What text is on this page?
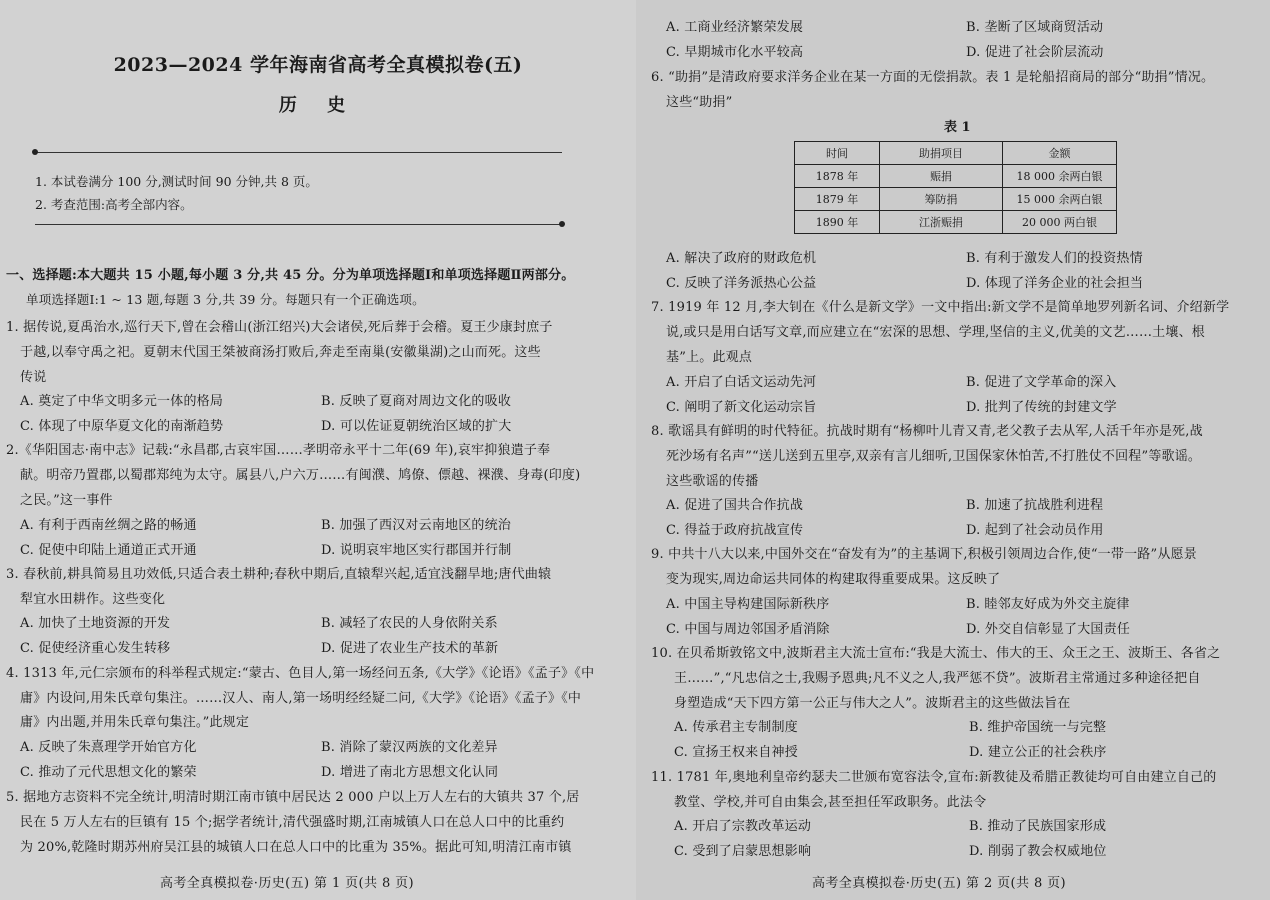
2023—2024 学年海南省高考全真模拟卷(五)
历 史
1. 本试卷满分 100 分,测试时间 90 分钟,共 8 页。
2. 考查范围:高考全部内容。
一、选择题:本大题共 15 小题,每小题 3 分,共 45 分。分为单项选择题Ⅰ和单项选择题Ⅱ两部分。
单项选择题Ⅰ:1 ~ 13 题,每题 3 分,共 39 分。每题只有一个正确选项。
1. 据传说,夏禹治水,巡行天下,曾在会稽山(浙江绍兴)大会诸侯,死后葬于会稽。夏王少康封庶子
于越,以奉守禹之祀。夏朝末代国王桀被商汤打败后,奔走至南巢(安徽巢湖)之山而死。这些
传说
A. 奠定了中华文明多元一体的格局	B. 反映了夏商对周边文化的吸收
C. 体现了中原华夏文化的南渐趋势	D. 可以佐证夏朝统治区域的扩大
2.《华阳国志·南中志》记载:“永昌郡,古哀牢国……孝明帝永平十二年(69 年),哀牢抑狼遣子奉
献。明帝乃置郡,以蜀郡郑纯为太守。属县八,户六万……有闽濮、鸠僚、僄越、裸濮、身毒(印度)
之民。”这一事件
A. 有利于西南丝绸之路的畅通	B. 加强了西汉对云南地区的统治
C. 促使中印陆上通道正式开通	D. 说明哀牢地区实行郡国并行制
3. 春秋前,耕具简易且功效低,只适合表土耕种;春秋中期后,直辕犁兴起,适宜浅翻旱地;唐代曲辕
犁宜水田耕作。这些变化
A. 加快了土地资源的开发	B. 减轻了农民的人身依附关系
C. 促使经济重心发生转移	D. 促进了农业生产技术的革新
4. 1313 年,元仁宗颁布的科举程式规定:“蒙古、色目人,第一场经问五条,《大学》《论语》《孟子》《中
庸》内设问,用朱氏章句集注。……汉人、南人,第一场明经经疑二问,《大学》《论语》《孟子》《中
庸》内出题,并用朱氏章句集注。”此规定
A. 反映了朱熹理学开始官方化	B. 消除了蒙汉两族的文化差异
C. 推动了元代思想文化的繁荣	D. 增进了南北方思想文化认同
5. 据地方志资料不完全统计,明清时期江南市镇中居民达 2 000 户以上万人左右的大镇共 37 个,居
民在 5 万人左右的巨镇有 15 个;据学者统计,清代强盛时期,江南城镇人口在总人口中的比重约
为 20%,乾隆时期苏州府吴江县的城镇人口在总人口中的比重为 35%。据此可知,明清江南市镇
高考全真模拟卷·历史(五) 第 1 页(共 8 页)
A. 工商业经济繁荣发展	B. 垄断了区域商贸活动
C. 早期城市化水平较高	D. 促进了社会阶层流动
6. “助捐”是清政府要求洋务企业在某一方面的无偿捐款。表 1 是轮船招商局的部分“助捐”情况。
这些“助捐”
表 1
时间	助捐项目	金额
1878 年	赈捐	18 000 余两白银
1879 年	筹防捐	15 000 余两白银
1890 年	江浙赈捐	20 000 两白银
A. 解决了政府的财政危机	B. 有利于激发人们的投资热情
C. 反映了洋务派热心公益	D. 体现了洋务企业的社会担当
7. 1919 年 12 月,李大钊在《什么是新文学》一文中指出:新文学不是简单地罗列新名词、介绍新学
说,或只是用白话写文章,而应建立在“宏深的思想、学理,坚信的主义,优美的文艺……土壤、根
基”上。此观点
A. 开启了白话文运动先河	B. 促进了文学革命的深入
C. 阐明了新文化运动宗旨	D. 批判了传统的封建文学
8. 歌谣具有鲜明的时代特征。抗战时期有“杨柳叶儿青又青,老父教子去从军,人活千年亦是死,战
死沙场有名声”“送儿送到五里亭,双亲有言儿细听,卫国保家休怕苦,不打胜仗不回程”等歌谣。
这些歌谣的传播
A. 促进了国共合作抗战	B. 加速了抗战胜利进程
C. 得益于政府抗战宣传	D. 起到了社会动员作用
9. 中共十八大以来,中国外交在“奋发有为”的主基调下,积极引领周边合作,使“一带一路”从愿景
变为现实,周边命运共同体的构建取得重要成果。这反映了
A. 中国主导构建国际新秩序	B. 睦邻友好成为外交主旋律
C. 中国与周边邻国矛盾消除	D. 外交自信彰显了大国责任
10. 在贝希斯敦铭文中,波斯君主大流士宣布:“我是大流士、伟大的王、众王之王、波斯王、各省之
王……”,“凡忠信之士,我赐予恩典;凡不义之人,我严惩不贷”。波斯君主常通过多种途径把自
身塑造成“天下四方第一公正与伟大之人”。波斯君主的这些做法旨在
A. 传承君主专制制度	B. 维护帝国统一与完整
C. 宣扬王权来自神授	D. 建立公正的社会秩序
11. 1781 年,奥地利皇帝约瑟夫二世颁布宽容法令,宣布:新教徒及希腊正教徒均可自由建立自己的
教堂、学校,并可自由集会,甚至担任军政职务。此法令
A. 开启了宗教改革运动	B. 推动了民族国家形成
C. 受到了启蒙思想影响	D. 削弱了教会权威地位
高考全真模拟卷·历史(五) 第 2 页(共 8 页)
